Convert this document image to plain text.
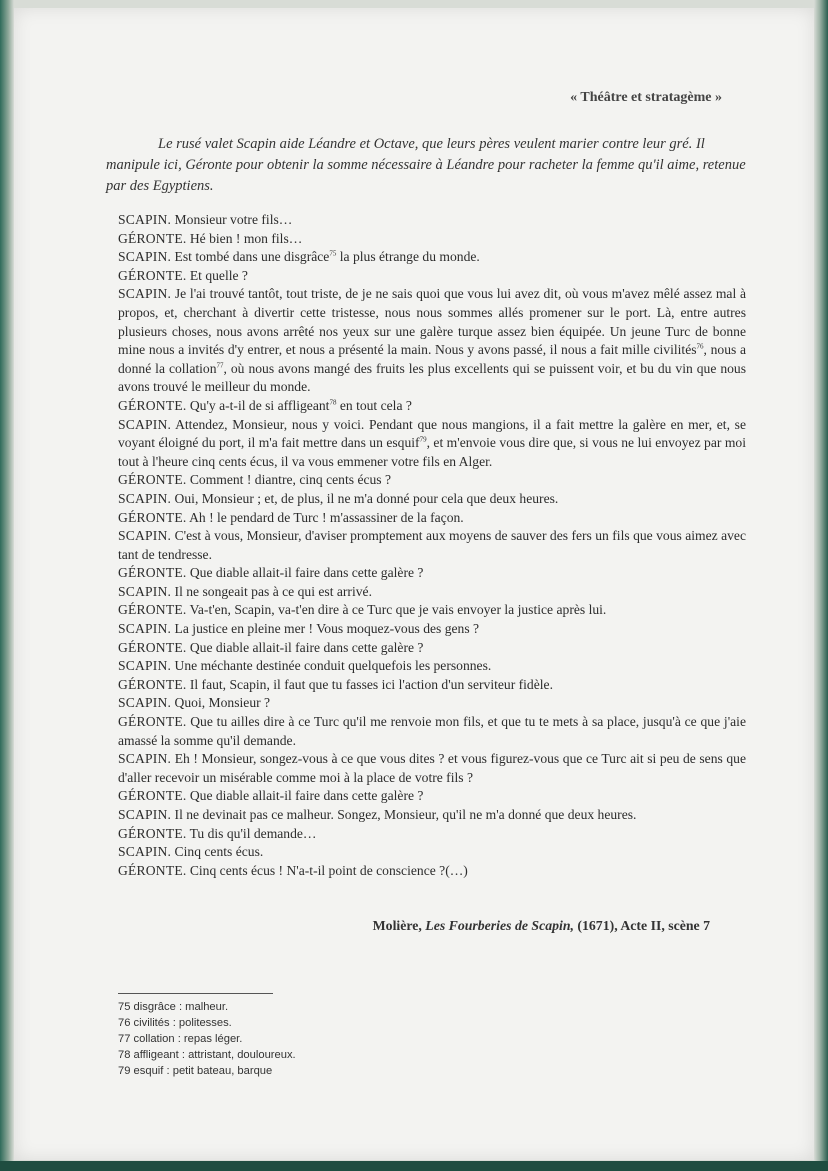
« Théâtre et stratagème »

Le rusé valet Scapin aide Léandre et Octave, que leurs pères veulent marier contre leur gré. Il manipule ici, Géronte pour obtenir la somme nécessaire à Léandre pour racheter la femme qu'il aime, retenue par des Egyptiens.

SCAPIN. Monsieur votre fils…
GÉRONTE. Hé bien ! mon fils…
SCAPIN. Est tombé dans une disgrâce$^{75}$ la plus étrange du monde.
GÉRONTE. Et quelle ?
SCAPIN. Je l'ai trouvé tantôt, tout triste, de je ne sais quoi que vous lui avez dit, où vous m'avez mêlé assez mal à propos, et, cherchant à divertir cette tristesse, nous nous sommes allés promener sur le port. Là, entre autres plusieurs choses, nous avons arrêté nos yeux sur une galère turque assez bien équipée. Un jeune Turc de bonne mine nous a invités d'y entrer, et nous a présenté la main. Nous y avons passé, il nous a fait mille civilités$^{76}$, nous a donné la collation$^{77}$, où nous avons mangé des fruits les plus excellents qui se puissent voir, et bu du vin que nous avons trouvé le meilleur du monde.
GÉRONTE. Qu'y a-t-il de si affligeant$^{78}$ en tout cela ?
SCAPIN. Attendez, Monsieur, nous y voici. Pendant que nous mangions, il a fait mettre la galère en mer, et, se voyant éloigné du port, il m'a fait mettre dans un esquif$^{79}$, et m'envoie vous dire que, si vous ne lui envoyez par moi tout à l'heure cinq cents écus, il va vous emmener votre fils en Alger.
GÉRONTE. Comment ! diantre, cinq cents écus ?
SCAPIN. Oui, Monsieur ; et, de plus, il ne m'a donné pour cela que deux heures.
GÉRONTE. Ah ! le pendard de Turc ! m'assassiner de la façon.
SCAPIN. C'est à vous, Monsieur, d'aviser promptement aux moyens de sauver des fers un fils que vous aimez avec tant de tendresse.
GÉRONTE. Que diable allait-il faire dans cette galère ?
SCAPIN. Il ne songeait pas à ce qui est arrivé.
GÉRONTE. Va-t'en, Scapin, va-t'en dire à ce Turc que je vais envoyer la justice après lui.
SCAPIN. La justice en pleine mer ! Vous moquez-vous des gens ?
GÉRONTE. Que diable allait-il faire dans cette galère ?
SCAPIN. Une méchante destinée conduit quelquefois les personnes.
GÉRONTE. Il faut, Scapin, il faut que tu fasses ici l'action d'un serviteur fidèle.
SCAPIN. Quoi, Monsieur ?
GÉRONTE. Que tu ailles dire à ce Turc qu'il me renvoie mon fils, et que tu te mets à sa place, jusqu'à ce que j'aie amassé la somme qu'il demande.
SCAPIN. Eh ! Monsieur, songez-vous à ce que vous dites ? et vous figurez-vous que ce Turc ait si peu de sens que d'aller recevoir un misérable comme moi à la place de votre fils ?
GÉRONTE. Que diable allait-il faire dans cette galère ?
SCAPIN. Il ne devinait pas ce malheur. Songez, Monsieur, qu'il ne m'a donné que deux heures.
GÉRONTE. Tu dis qu'il demande…
SCAPIN. Cinq cents écus.
GÉRONTE. Cinq cents écus ! N'a-t-il point de conscience ?(…)
Molière, Les Fourberies de Scapin, (1671), Acte II, scène 7
75 disgrâce : malheur.
76 civilités : politesses.
77 collation : repas léger.
78 affligeant : attristant, douloureux.
79 esquif : petit bateau, barque
